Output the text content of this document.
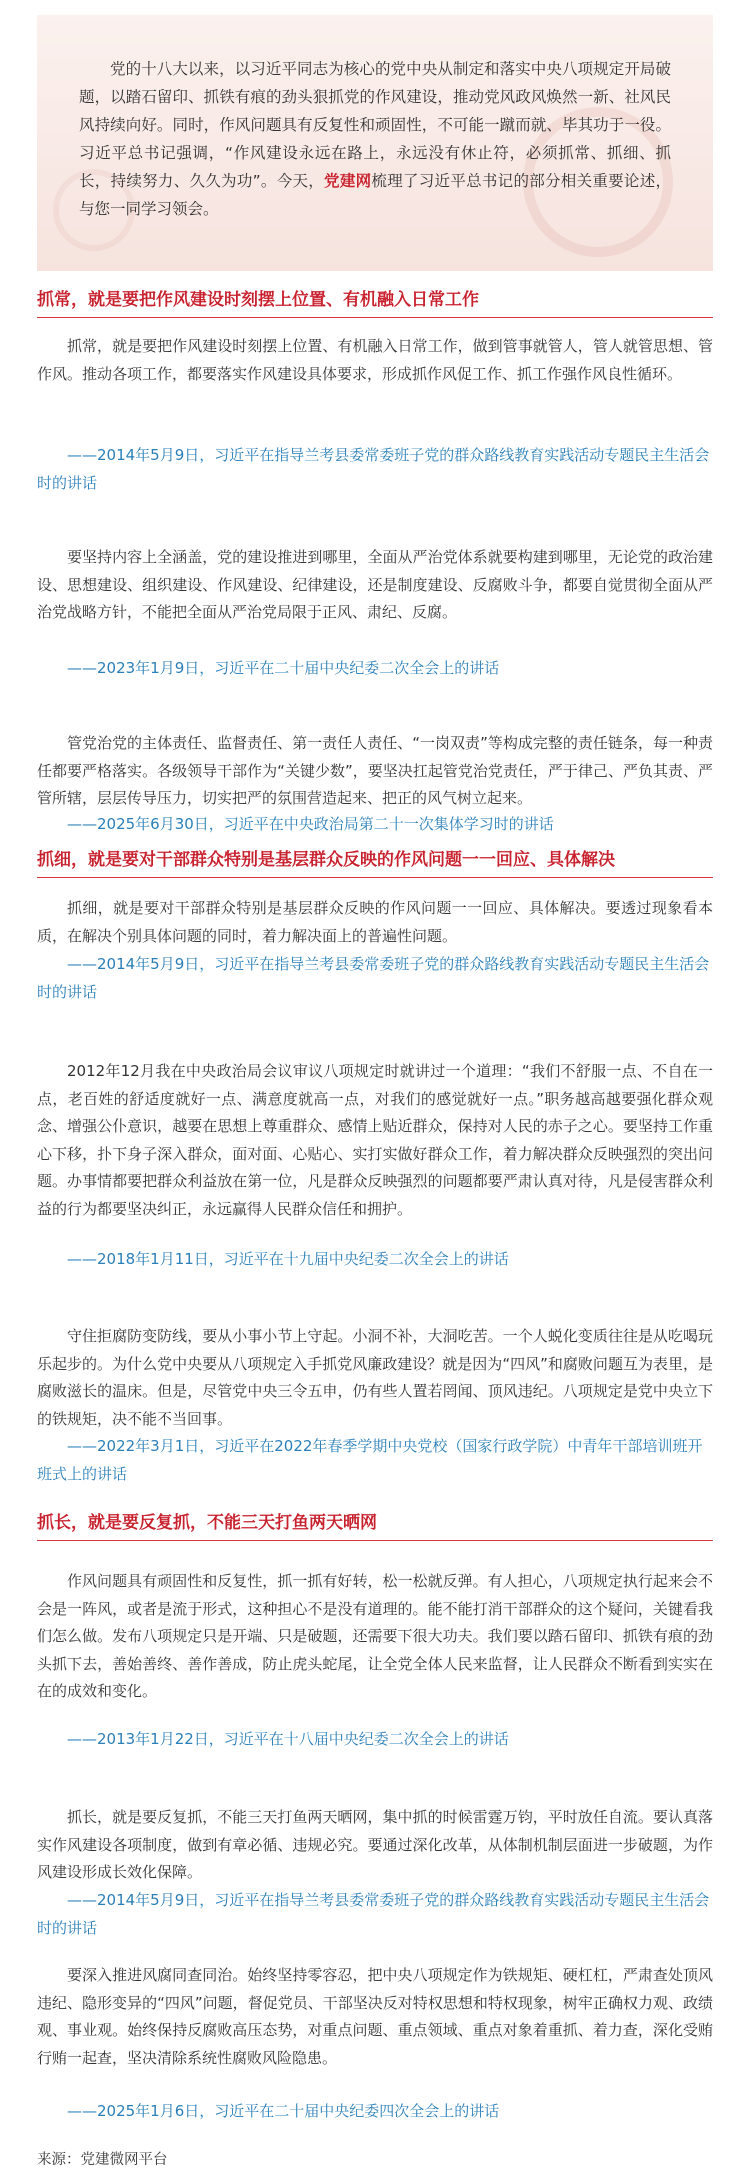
党的十八大以来，以习近平同志为核心的党中央从制定和落实中央八项规定开局破题，以踏石留印、抓铁有痕的劲头狠抓党的作风建设，推动党风政风焕然一新、社风民风持续向好。同时，作风问题具有反复性和顽固性，不可能一蹴而就、毕其功于一役。习近平总书记强调，“作风建设永远在路上，永远没有休止符，必须抓常、抓细、抓长，持续努力、久久为功”。今天，党建网梳理了习近平总书记的部分相关重要论述，与您一同学习领会。

抓常，就是要把作风建设时刻摆上位置、有机融入日常工作

抓常，就是要把作风建设时刻摆上位置、有机融入日常工作，做到管事就管人，管人就管思想、管作风。推动各项工作，都要落实作风建设具体要求，形成抓作风促工作、抓工作强作风良性循环。

——2014年5月9日，习近平在指导兰考县委常委班子党的群众路线教育实践活动专题民主生活会时的讲话

要坚持内容上全涵盖，党的建设推进到哪里，全面从严治党体系就要构建到哪里，无论党的政治建设、思想建设、组织建设、作风建设、纪律建设，还是制度建设、反腐败斗争，都要自觉贯彻全面从严治党战略方针，不能把全面从严治党局限于正风、肃纪、反腐。

——2023年1月9日，习近平在二十届中央纪委二次全会上的讲话

管党治党的主体责任、监督责任、第一责任人责任、“一岗双责”等构成完整的责任链条，每一种责任都要严格落实。各级领导干部作为“关键少数”，要坚决扛起管党治党责任，严于律己、严负其责、严管所辖，层层传导压力，切实把严的氛围营造起来、把正的风气树立起来。

——2025年6月30日，习近平在中央政治局第二十一次集体学习时的讲话

抓细，就是要对干部群众特别是基层群众反映的作风问题一一回应、具体解决

抓细，就是要对干部群众特别是基层群众反映的作风问题一一回应、具体解决。要透过现象看本质，在解决个别具体问题的同时，着力解决面上的普遍性问题。

——2014年5月9日，习近平在指导兰考县委常委班子党的群众路线教育实践活动专题民主生活会时的讲话

2012年12月我在中央政治局会议审议八项规定时就讲过一个道理：“我们不舒服一点、不自在一点，老百姓的舒适度就好一点、满意度就高一点，对我们的感觉就好一点。”职务越高越要强化群众观念、增强公仆意识，越要在思想上尊重群众、感情上贴近群众，保持对人民的赤子之心。要坚持工作重心下移，扑下身子深入群众，面对面、心贴心、实打实做好群众工作，着力解决群众反映强烈的突出问题。办事情都要把群众利益放在第一位，凡是群众反映强烈的问题都要严肃认真对待，凡是侵害群众利益的行为都要坚决纠正，永远赢得人民群众信任和拥护。

——2018年1月11日，习近平在十九届中央纪委二次全会上的讲话

守住拒腐防变防线，要从小事小节上守起。小洞不补，大洞吃苦。一个人蜕化变质往往是从吃喝玩乐起步的。为什么党中央要从八项规定入手抓党风廉政建设？就是因为“四风”和腐败问题互为表里，是腐败滋长的温床。但是，尽管党中央三令五申，仍有些人置若罔闻、顶风违纪。八项规定是党中央立下的铁规矩，决不能不当回事。

——2022年3月1日，习近平在2022年春季学期中央党校（国家行政学院）中青年干部培训班开班式上的讲话

抓长，就是要反复抓，不能三天打鱼两天晒网

作风问题具有顽固性和反复性，抓一抓有好转，松一松就反弹。有人担心，八项规定执行起来会不会是一阵风，或者是流于形式，这种担心不是没有道理的。能不能打消干部群众的这个疑问，关键看我们怎么做。发布八项规定只是开端、只是破题，还需要下很大功夫。我们要以踏石留印、抓铁有痕的劲头抓下去，善始善终、善作善成，防止虎头蛇尾，让全党全体人民来监督，让人民群众不断看到实实在在的成效和变化。

——2013年1月22日，习近平在十八届中央纪委二次全会上的讲话

抓长，就是要反复抓，不能三天打鱼两天晒网，集中抓的时候雷霆万钧，平时放任自流。要认真落实作风建设各项制度，做到有章必循、违规必究。要通过深化改革，从体制机制层面进一步破题，为作风建设形成长效化保障。

——2014年5月9日，习近平在指导兰考县委常委班子党的群众路线教育实践活动专题民主生活会时的讲话

要深入推进风腐同查同治。始终坚持零容忍，把中央八项规定作为铁规矩、硬杠杠，严肃查处顶风违纪、隐形变异的“四风”问题，督促党员、干部坚决反对特权思想和特权现象，树牢正确权力观、政绩观、事业观。始终保持反腐败高压态势，对重点问题、重点领域、重点对象着重抓、着力查，深化受贿行贿一起查，坚决清除系统性腐败风险隐患。

——2025年1月6日，习近平在二十届中央纪委四次全会上的讲话

来源：党建微网平台
